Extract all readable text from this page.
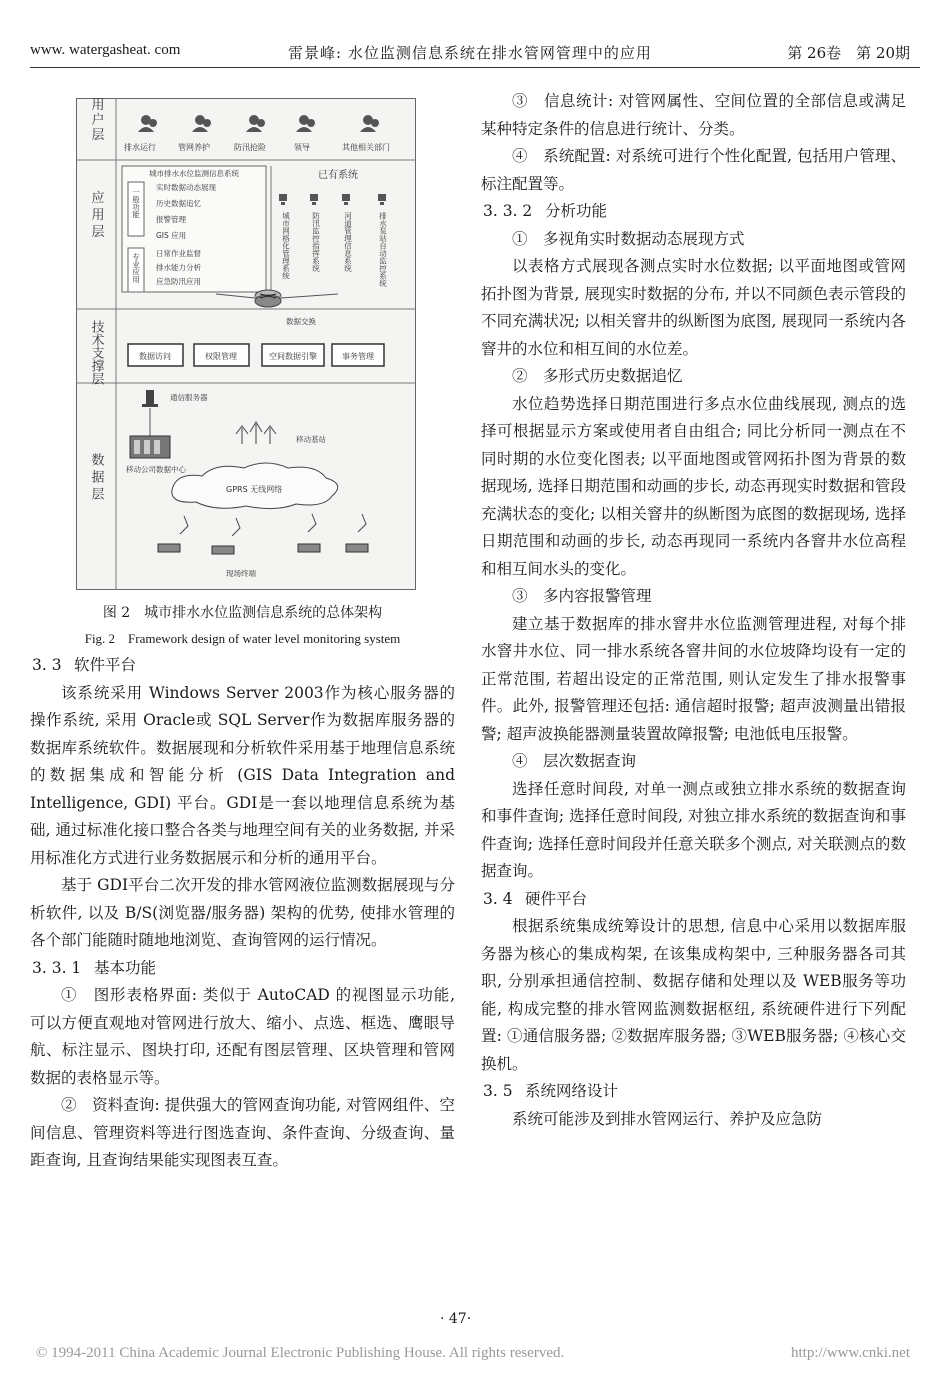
www. watergasheat. com	雷景峰: 水位监测信息系统在排水管网管理中的应用	第 26卷　第 20期
用户层
应用层
技术支撑层
数据层
排水运行	管网养护	防汛抢险	领导	其他相关部门
城市排水水位监测信息系统
一般功能
实时数据动态展现
历史数据追忆
报警管理
GIS 应用
专业应用 日常作业监督
排水能力分析
应急防汛应用
已有系统
城市网格化管理系统	防汛监控指挥系统	河道管理信息系统	排水泵站自动监控系统
数据交换
数据访问	权限管理	空间数据引擎	事务管理
通信服务器
移动公司数据中心
移动基站
GPRS 无线网络
现场终端
图 2　城市排水水位监测信息系统的总体架构
Fig. 2　Framework design of water level monitoring system

3. 3 软件平台

该系统采用 Windows Server 2003作为核心服务器的操作系统, 采用 Oracle或 SQL Server作为数据库服务器的数据库系统软件。数据展现和分析软件采用基于地理信息系统的数据集成和智能分析 (GIS Data Integration and Intelligence, GDI) 平台。GDI是一套以地理信息系统为基础, 通过标准化接口整合各类与地理空间有关的业务数据, 并采用标准化方式进行业务数据展示和分析的通用平台。

基于 GDI平台二次开发的排水管网液位监测数据展现与分析软件, 以及 B/S(浏览器/服务器) 架构的优势, 使排水管理的各个部门能随时随地地浏览、查询管网的运行情况。

3. 3. 1 基本功能

①　图形表格界面: 类似于 AutoCAD 的视图显示功能, 可以方便直观地对管网进行放大、缩小、点选、框选、鹰眼导航、标注显示、图块打印, 还配有图层管理、区块管理和管网数据的表格显示等。

②　资料查询: 提供强大的管网查询功能, 对管网组件、空间信息、管理资料等进行图选查询、条件查询、分级查询、量距查询, 且查询结果能实现图表互查。

③　信息统计: 对管网属性、空间位置的全部信息或满足某种特定条件的信息进行统计、分类。

④　系统配置: 对系统可进行个性化配置, 包括用户管理、标注配置等。

3. 3. 2 分析功能

①　多视角实时数据动态展现方式

以表格方式展现各测点实时水位数据; 以平面地图或管网拓扑图为背景, 展现实时数据的分布, 并以不同颜色表示管段的不同充满状况; 以相关窨井的纵断图为底图, 展现同一系统内各窨井的水位和相互间的水位差。

②　多形式历史数据追忆

水位趋势选择日期范围进行多点水位曲线展现, 测点的选择可根据显示方案或使用者自由组合; 同比分析同一测点在不同时期的水位变化图表; 以平面地图或管网拓扑图为背景的数据现场, 选择日期范围和动画的步长, 动态再现实时数据和管段充满状态的变化; 以相关窨井的纵断图为底图的数据现场, 选择日期范围和动画的步长, 动态再现同一系统内各窨井水位高程和相互间水头的变化。

③　多内容报警管理

建立基于数据库的排水窨井水位监测管理进程, 对每个排水窨井水位、同一排水系统各窨井间的水位坡降均设有一定的正常范围, 若超出设定的正常范围, 则认定发生了排水报警事件。此外, 报警管理还包括: 通信超时报警; 超声波测量出错报警; 超声波换能器测量装置故障报警; 电池低电压报警。

④　层次数据查询

选择任意时间段, 对单一测点或独立排水系统的数据查询和事件查询; 选择任意时间段, 对独立排水系统的数据查询和事件查询; 选择任意时间段并任意关联多个测点, 对关联测点的数据查询。

3. 4 硬件平台

根据系统集成统筹设计的思想, 信息中心采用以数据库服务器为核心的集成构架, 在该集成构架中, 三种服务器各司其职, 分别承担通信控制、数据存储和处理以及 WEB服务等功能, 构成完整的排水管网监测数据枢纽, 系统硬件进行下列配置: ①通信服务器; ②数据库服务器; ③WEB服务器; ④核心交换机。

3. 5 系统网络设计

系统可能涉及到排水管网运行、养护及应急防

· 47·
© 1994-2011 China Academic Journal Electronic Publishing House. All rights reserved.	http://www.cnki.net
